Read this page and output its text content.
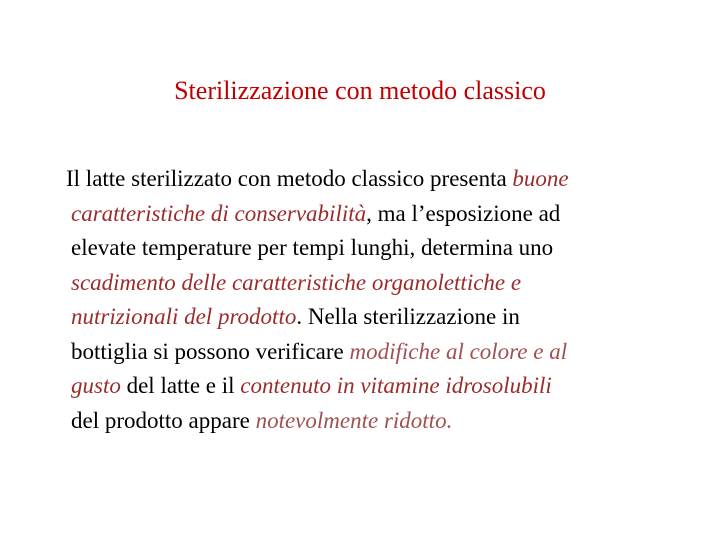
Sterilizzazione con metodo classico
Il latte sterilizzato con metodo classico presenta buone
caratteristiche di conservabilità, ma l’esposizione ad
elevate temperature per tempi lunghi, determina uno
scadimento delle caratteristiche organolettiche e
nutrizionali del prodotto. Nella sterilizzazione in
bottiglia si possono verificare modifiche al colore e al
gusto del latte e il contenuto in vitamine idrosolubili
del prodotto appare notevolmente ridotto.
